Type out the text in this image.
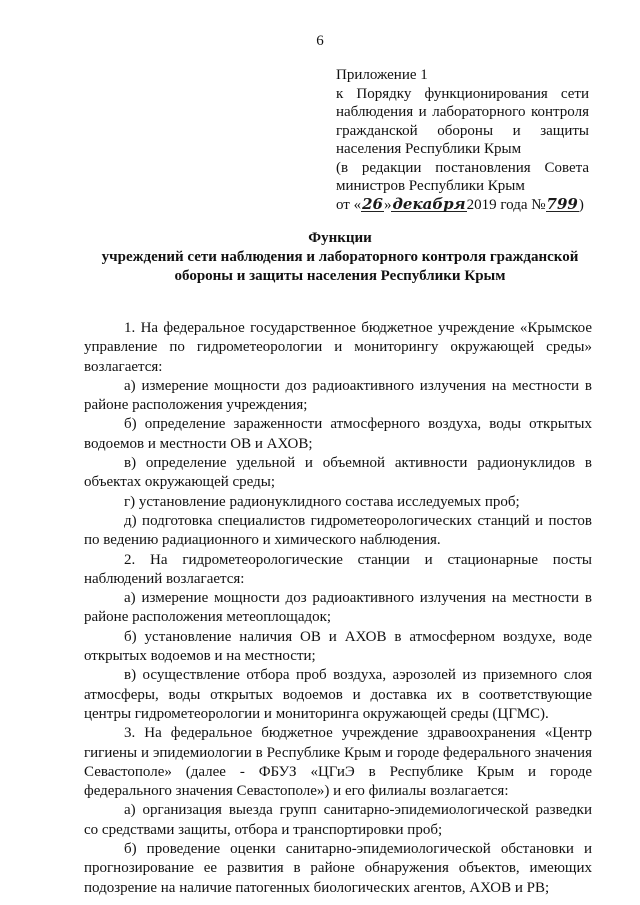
6
Приложение 1
к Порядку функционирования сети
наблюдения и лабораторного контроля
гражданской обороны и защиты
населения Республики Крым
(в редакции постановления Совета
министров Республики Крым
от « 26 » декабря 2019 года № 799 )
Функции
учреждений сети наблюдения и лабораторного контроля гражданской
обороны и защиты населения Республики Крым

1. На федеральное государственное бюджетное учреждение «Крымское управление по гидрометеорологии и мониторингу окружающей среды» возлагается:

а) измерение мощности доз радиоактивного излучения на местности в районе расположения учреждения;

б) определение зараженности атмосферного воздуха, воды открытых водоемов и местности ОВ и АХОВ;

в) определение удельной и объемной активности радионуклидов в объектах окружающей среды;

г) установление радионуклидного состава исследуемых проб;

д) подготовка специалистов гидрометеорологических станций и постов по ведению радиационного и химического наблюдения.

2. На гидрометеорологические станции и стационарные посты наблюдений возлагается:

а) измерение мощности доз радиоактивного излучения на местности в районе расположения метеоплощадок;

б) установление наличия ОВ и АХОВ в атмосферном воздухе, воде открытых водоемов и на местности;

в) осуществление отбора проб воздуха, аэрозолей из приземного слоя атмосферы, воды открытых водоемов и доставка их в соответствующие центры гидрометеорологии и мониторинга окружающей среды (ЦГМС).

3. На федеральное бюджетное учреждение здравоохранения «Центр гигиены и эпидемиологии в Республике Крым и городе федерального значения Севастополе» (далее - ФБУЗ «ЦГиЭ в Республике Крым и городе федерального значения Севастополе») и его филиалы возлагается:

а) организация выезда групп санитарно-эпидемиологической разведки со средствами защиты, отбора и транспортировки проб;

б) проведение оценки санитарно-эпидемиологической обстановки и прогнозирование ее развития в районе обнаружения объектов, имеющих подозрение на наличие патогенных биологических агентов, АХОВ и РВ;
